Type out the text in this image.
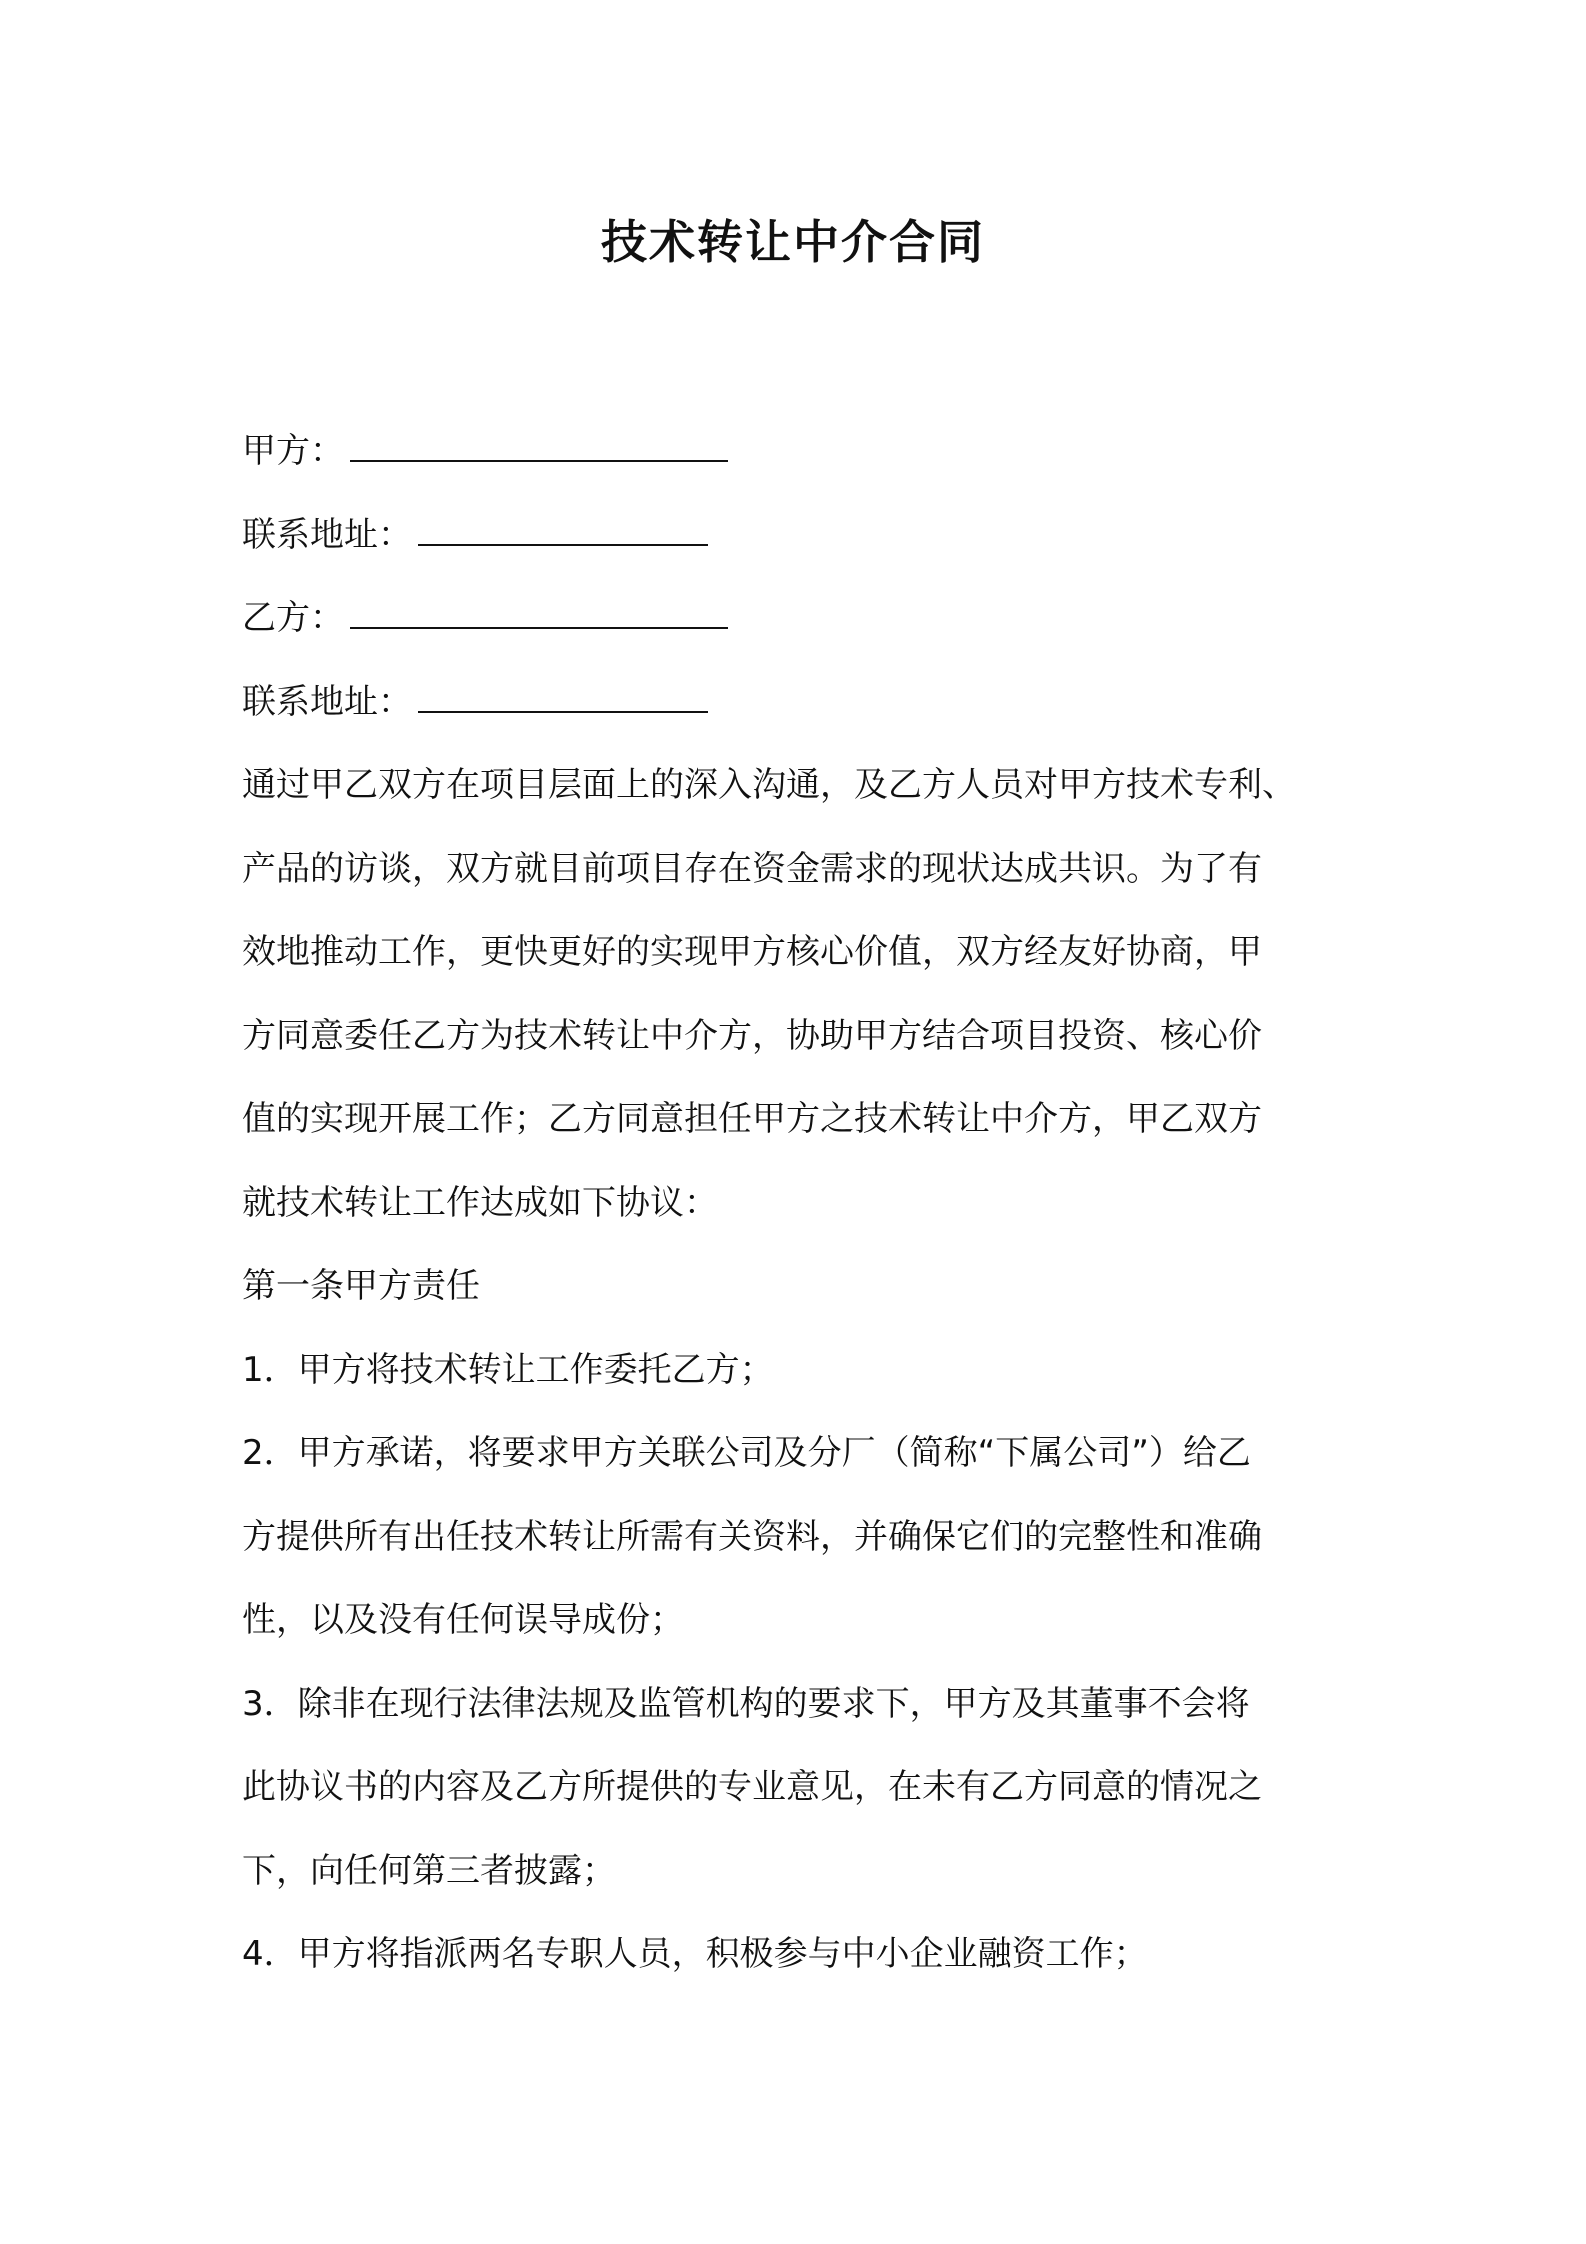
技术转让中介合同
甲方：
联系地址：
乙方：
联系地址：
通过甲乙双方在项目层面上的深入沟通，及乙方人员对甲方技术专利、
产品的访谈，双方就目前项目存在资金需求的现状达成共识。为了有
效地推动工作，更快更好的实现甲方核心价值，双方经友好协商，甲
方同意委任乙方为技术转让中介方，协助甲方结合项目投资、核心价
值的实现开展工作；乙方同意担任甲方之技术转让中介方，甲乙双方
就技术转让工作达成如下协议：
第一条甲方责任
1．甲方将技术转让工作委托乙方；
2．甲方承诺，将要求甲方关联公司及分厂（简称“下属公司”）给乙
方提供所有出任技术转让所需有关资料，并确保它们的完整性和准确
性，以及没有任何误导成份；
3．除非在现行法律法规及监管机构的要求下，甲方及其董事不会将
此协议书的内容及乙方所提供的专业意见，在未有乙方同意的情况之
下，向任何第三者披露；
4．甲方将指派两名专职人员，积极参与中小企业融资工作；
